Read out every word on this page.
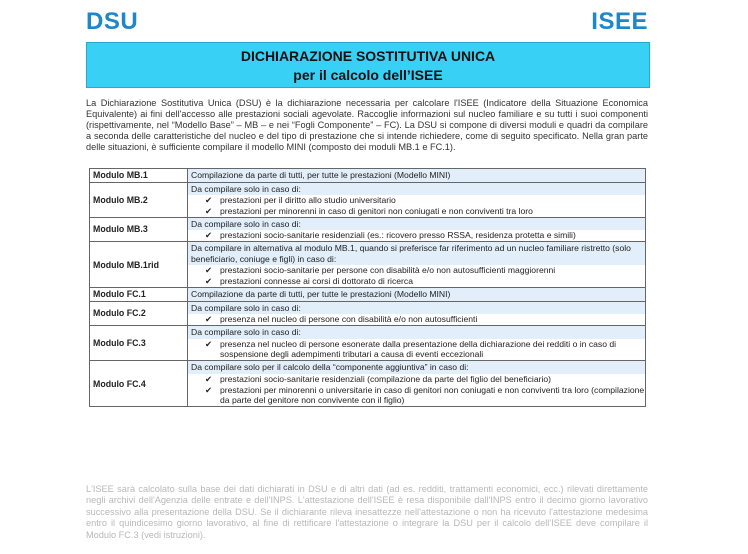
DSU	ISEE
DICHIARAZIONE SOSTITUTIVA UNICA
per il calcolo dell’ISEE
La Dichiarazione Sostitutiva Unica (DSU) è la dichiarazione necessaria per calcolare l'ISEE (Indicatore della Situazione Economica Equivalente) ai fini dell'accesso alle prestazioni sociali agevolate. Raccoglie informazioni sul nucleo familiare e su tutti i suoi componenti (rispettivamente, nel “Modello Base” – MB – e nei “Fogli Componente” – FC). La DSU si compone di diversi moduli e quadri da compilare a seconda delle caratteristiche del nucleo e del tipo di prestazione che si intende richiedere, come di seguito specificato. Nella gran parte delle situazioni, è sufficiente compilare il modello MINI (composto dei moduli MB.1 e FC.1).
Modulo MB.1	Compilazione da parte di tutti, per tutte le prestazioni (Modello MINI)

Modulo MB.2	Da compilare solo in caso di:
✔ prestazioni per il diritto allo studio universitario
✔ prestazioni per minorenni in caso di genitori non coniugati e non conviventi tra loro

Modulo MB.3	Da compilare solo in caso di:
✔ prestazioni socio-sanitarie residenziali (es.: ricovero presso RSSA, residenza protetta e simili)

Modulo MB.1rid	Da compilare in alternativa al modulo MB.1, quando si preferisce far riferimento ad un nucleo familiare ristretto (solo beneficiario, coniuge e figli) in caso di:
✔ prestazioni socio-sanitarie per persone con disabilità e/o non autosufficienti maggiorenni
✔ prestazioni connesse ai corsi di dottorato di ricerca

Modulo FC.1	Compilazione da parte di tutti, per tutte le prestazioni (Modello MINI)

Modulo FC.2	Da compilare solo in caso di:
✔ presenza nel nucleo di persone con disabilità e/o non autosufficienti

Modulo FC.3	Da compilare solo in caso di:
✔ presenza nel nucleo di persone esonerate dalla presentazione della dichiarazione dei redditi o in caso di sospensione degli adempimenti tributari a causa di eventi eccezionali

Modulo FC.4	Da compilare solo per il calcolo della “componente aggiuntiva” in caso di:
✔ prestazioni socio-sanitarie residenziali (compilazione da parte del figlio del beneficiario)
✔ prestazioni per minorenni o universitarie in caso di genitori non coniugati e non conviventi tra loro (compilazione da parte del genitore non convivente con il figlio)
L'ISEE sarà calcolato sulla base dei dati dichiarati in DSU e di altri dati (ad es. redditi, trattamenti economici, ecc.) rilevati direttamente negli archivi dell'Agenzia delle entrate e dell'INPS. L'attestazione dell'ISEE è resa disponibile dall'INPS entro il decimo giorno lavorativo successivo alla presentazione della DSU. Se il dichiarante rileva inesattezze nell'attestazione o non ha ricevuto l'attestazione medesima entro il quindicesimo giorno lavorativo, al fine di rettificare l'attestazione o integrare la DSU per il calcolo dell'ISEE deve compilare il Modulo FC.3 (vedi istruzioni).
